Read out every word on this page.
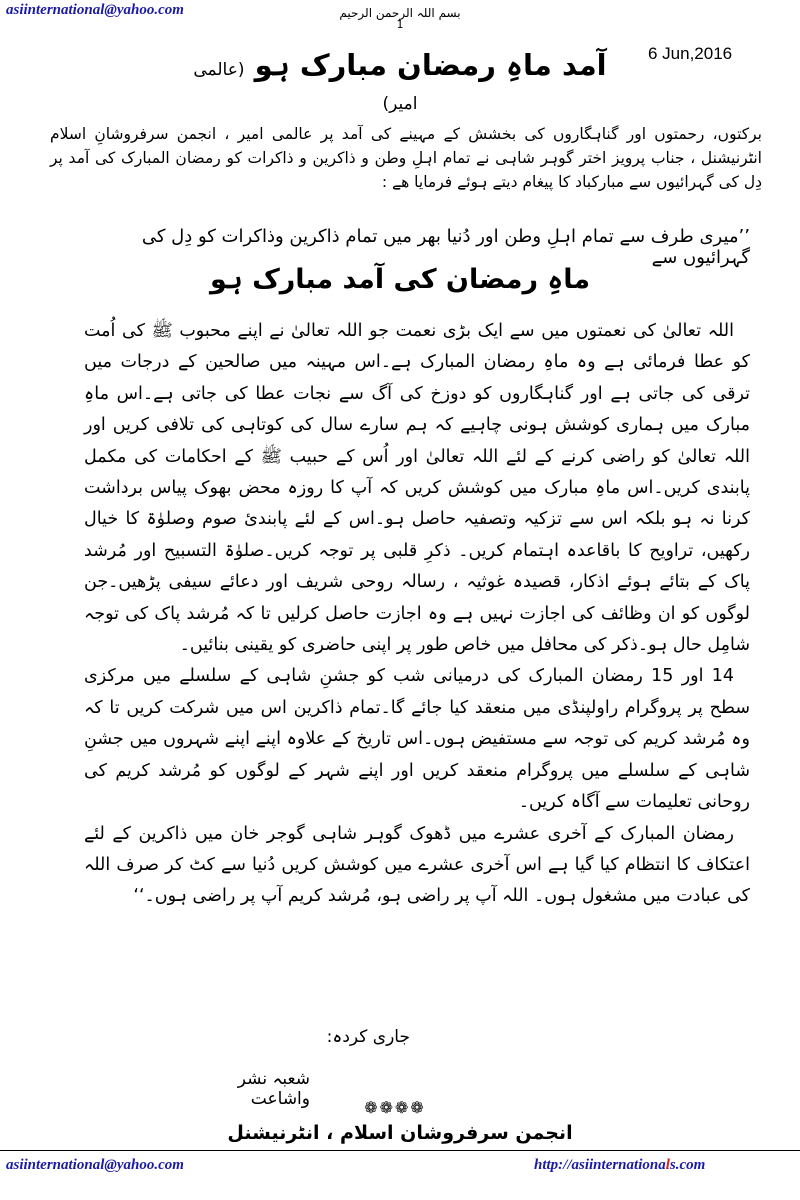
asiinternational@yahoo.com	بسم اللہ الرحمن الرحیم
1
6 Jun,2016
آمد ماہِ رمضان مبارک ہو (عالمی امیر)
برکتوں، رحمتوں اور گناہگاروں کی بخشش کے مہینے کی آمد پر عالمی امیر ، انجمن سرفروشانِ اسلام انٹرنیشنل ، جناب پرویز اختر گوہر شاہی نے تمام اہلِ وطن و ذاکرین و ذاکرات کو رمضان المبارک کی آمد پر دِل کی گہرائیوں سے مبارکباد کا پیغام دیتے ہوئے فرمایا ھے :
’’میری طرف سے تمام اہلِ وطن اور دُنیا بھر میں تمام ذاکرین وذاکرات کو دِل کی گہرائیوں سے
ماہِ رمضان کی آمد مبارک ہو

اللہ تعالیٰ کی نعمتوں میں سے ایک بڑی نعمت جو اللہ تعالیٰ نے اپنے محبوب ﷺ کی اُمت کو عطا فرمائی ہے وہ ماہِ رمضان المبارک ہے۔اس مہینہ میں صالحین کے درجات میں ترقی کی جاتی ہے اور گناہگاروں کو دوزخ کی آگ سے نجات عطا کی جاتی ہے۔اس ماہِ مبارک میں ہماری کوشش ہونی چاہیے کہ ہم سارے سال کی کوتاہی کی تلافی کریں اور اللہ تعالیٰ کو راضی کرنے کے لئے اللہ تعالیٰ اور اُس کے حبیب ﷺ کے احکامات کی مکمل پابندی کریں۔اس ماہِ مبارک میں کوشش کریں کہ آپ کا روزہ محض بھوک پیاس برداشت کرنا نہ ہو بلکہ اس سے تزکیہ وتصفیہ حاصل ہو۔اس کے لئے پابندیٔ صوم وصلوٰۃ کا خیال رکھیں، تراویح کا باقاعدہ اہتمام کریں۔ ذکرِ قلبی پر توجہ کریں۔صلوٰۃ التسبیح اور مُرشد پاک کے بتائے ہوئے اذکار، قصیدہ غوثیہ ، رسالہ روحی شریف اور دعائے سیفی پڑھیں۔جن لوگوں کو ان وظائف کی اجازت نہیں ہے وہ اجازت حاصل کرلیں تا کہ مُرشد پاک کی توجہ شامِل حال ہو۔ذکر کی محافل میں خاص طور پر اپنی حاضری کو یقینی بنائیں۔

14 اور 15 رمضان المبارک کی درمیانی شب کو جشنِ شاہی کے سلسلے میں مرکزی سطح پر پروگرام راولپنڈی میں منعقد کیا جائے گا۔تمام ذاکرین اس میں شرکت کریں تا کہ وہ مُرشد کریم کی توجہ سے مستفیض ہوں۔اس تاریخ کے علاوہ اپنے اپنے شہروں میں جشنِ شاہی کے سلسلے میں پروگرام منعقد کریں اور اپنے شہر کے لوگوں کو مُرشد کریم کی روحانی تعلیمات سے آگاہ کریں۔

رمضان المبارک کے آخری عشرے میں ڈھوک گوہر شاہی گوجر خان میں ذاکرین کے لئے اعتکاف کا انتظام کیا گیا ہے اس آخری عشرے میں کوشش کریں دُنیا سے کٹ کر صرف اللہ کی عبادت میں مشغول ہوں۔ اللہ آپ پر راضی ہو، مُرشد کریم آپ پر راضی ہوں۔‘‘

جاری کردہ:
شعبہ نشر واشاعت	❁❁❁❁
انجمن سرفروشان اسلام ، انٹرنیشنل
asiinternational@yahoo.com	http://asiinternationals.com
